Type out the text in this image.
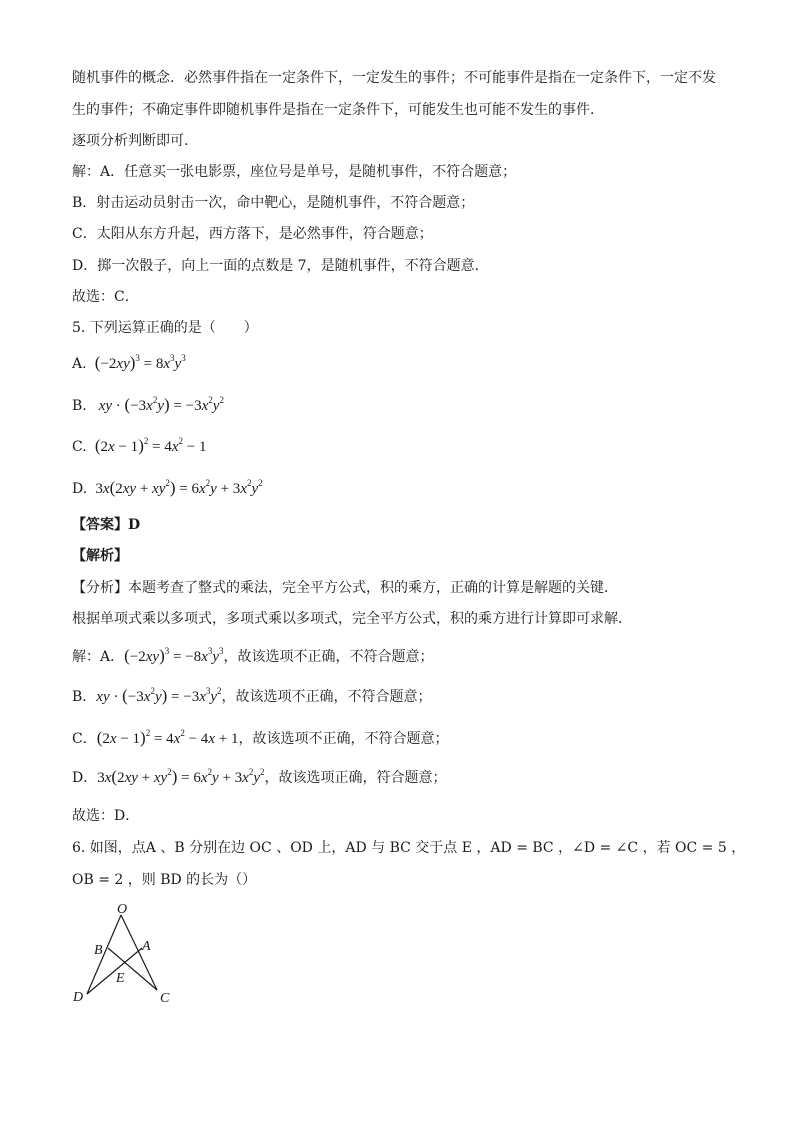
随机事件的概念．必然事件指在一定条件下，一定发生的事件；不可能事件是指在一定条件下，一定不发
生的事件；不确定事件即随机事件是指在一定条件下，可能发生也可能不发生的事件．
逐项分析判断即可．
解：A．任意买一张电影票，座位号是单号，是随机事件，不符合题意；
B．射击运动员射击一次，命中靶心，是随机事件，不符合题意；
C．太阳从东方升起，西方落下，是必然事件，符合题意；
D．掷一次骰子，向上一面的点数是 7，是随机事件，不符合题意．
故选：C．
5. 下列运算正确的是（　　）
A. $(-2xy)^3 = 8x^3y^3$
B. xy · $(-3x^2y) = -3x^2y^2$
C. $(2x - 1)^2 = 4x^2 - 1$
D.  $3x(2xy + xy^2) = 6x^2y + 3x^2y^2$
【答案】D
【解析】
【分析】本题考查了整式的乘法，完全平方公式，积的乘方，正确的计算是解题的关键．
根据单项式乘以多项式，多项式乘以多项式，完全平方公式，积的乘方进行计算即可求解．
解：A．$(-2xy)^3 = -8x^3y^3$，故该选项不正确，不符合题意；
B．xy · $(-3x^2y) = -3x^3y^2$，故该选项不正确，不符合题意；
C．$(2x - 1)^2 = 4x^2 - 4x + 1$，故该选项不正确，不符合题意；
D．$3x(2xy + xy^2) = 6x^2y + 3x^2y^2$，故该选项正确，符合题意；
故选：D．
6. 如图，点A 、B 分别在边 OC 、OD 上，AD 与 BC 交于点 E ，AD = BC ，∠D = ∠C ，若 OC = 5 ，
OB = 2 ，则 BD 的长为（）
O
B	A
E
D	C
